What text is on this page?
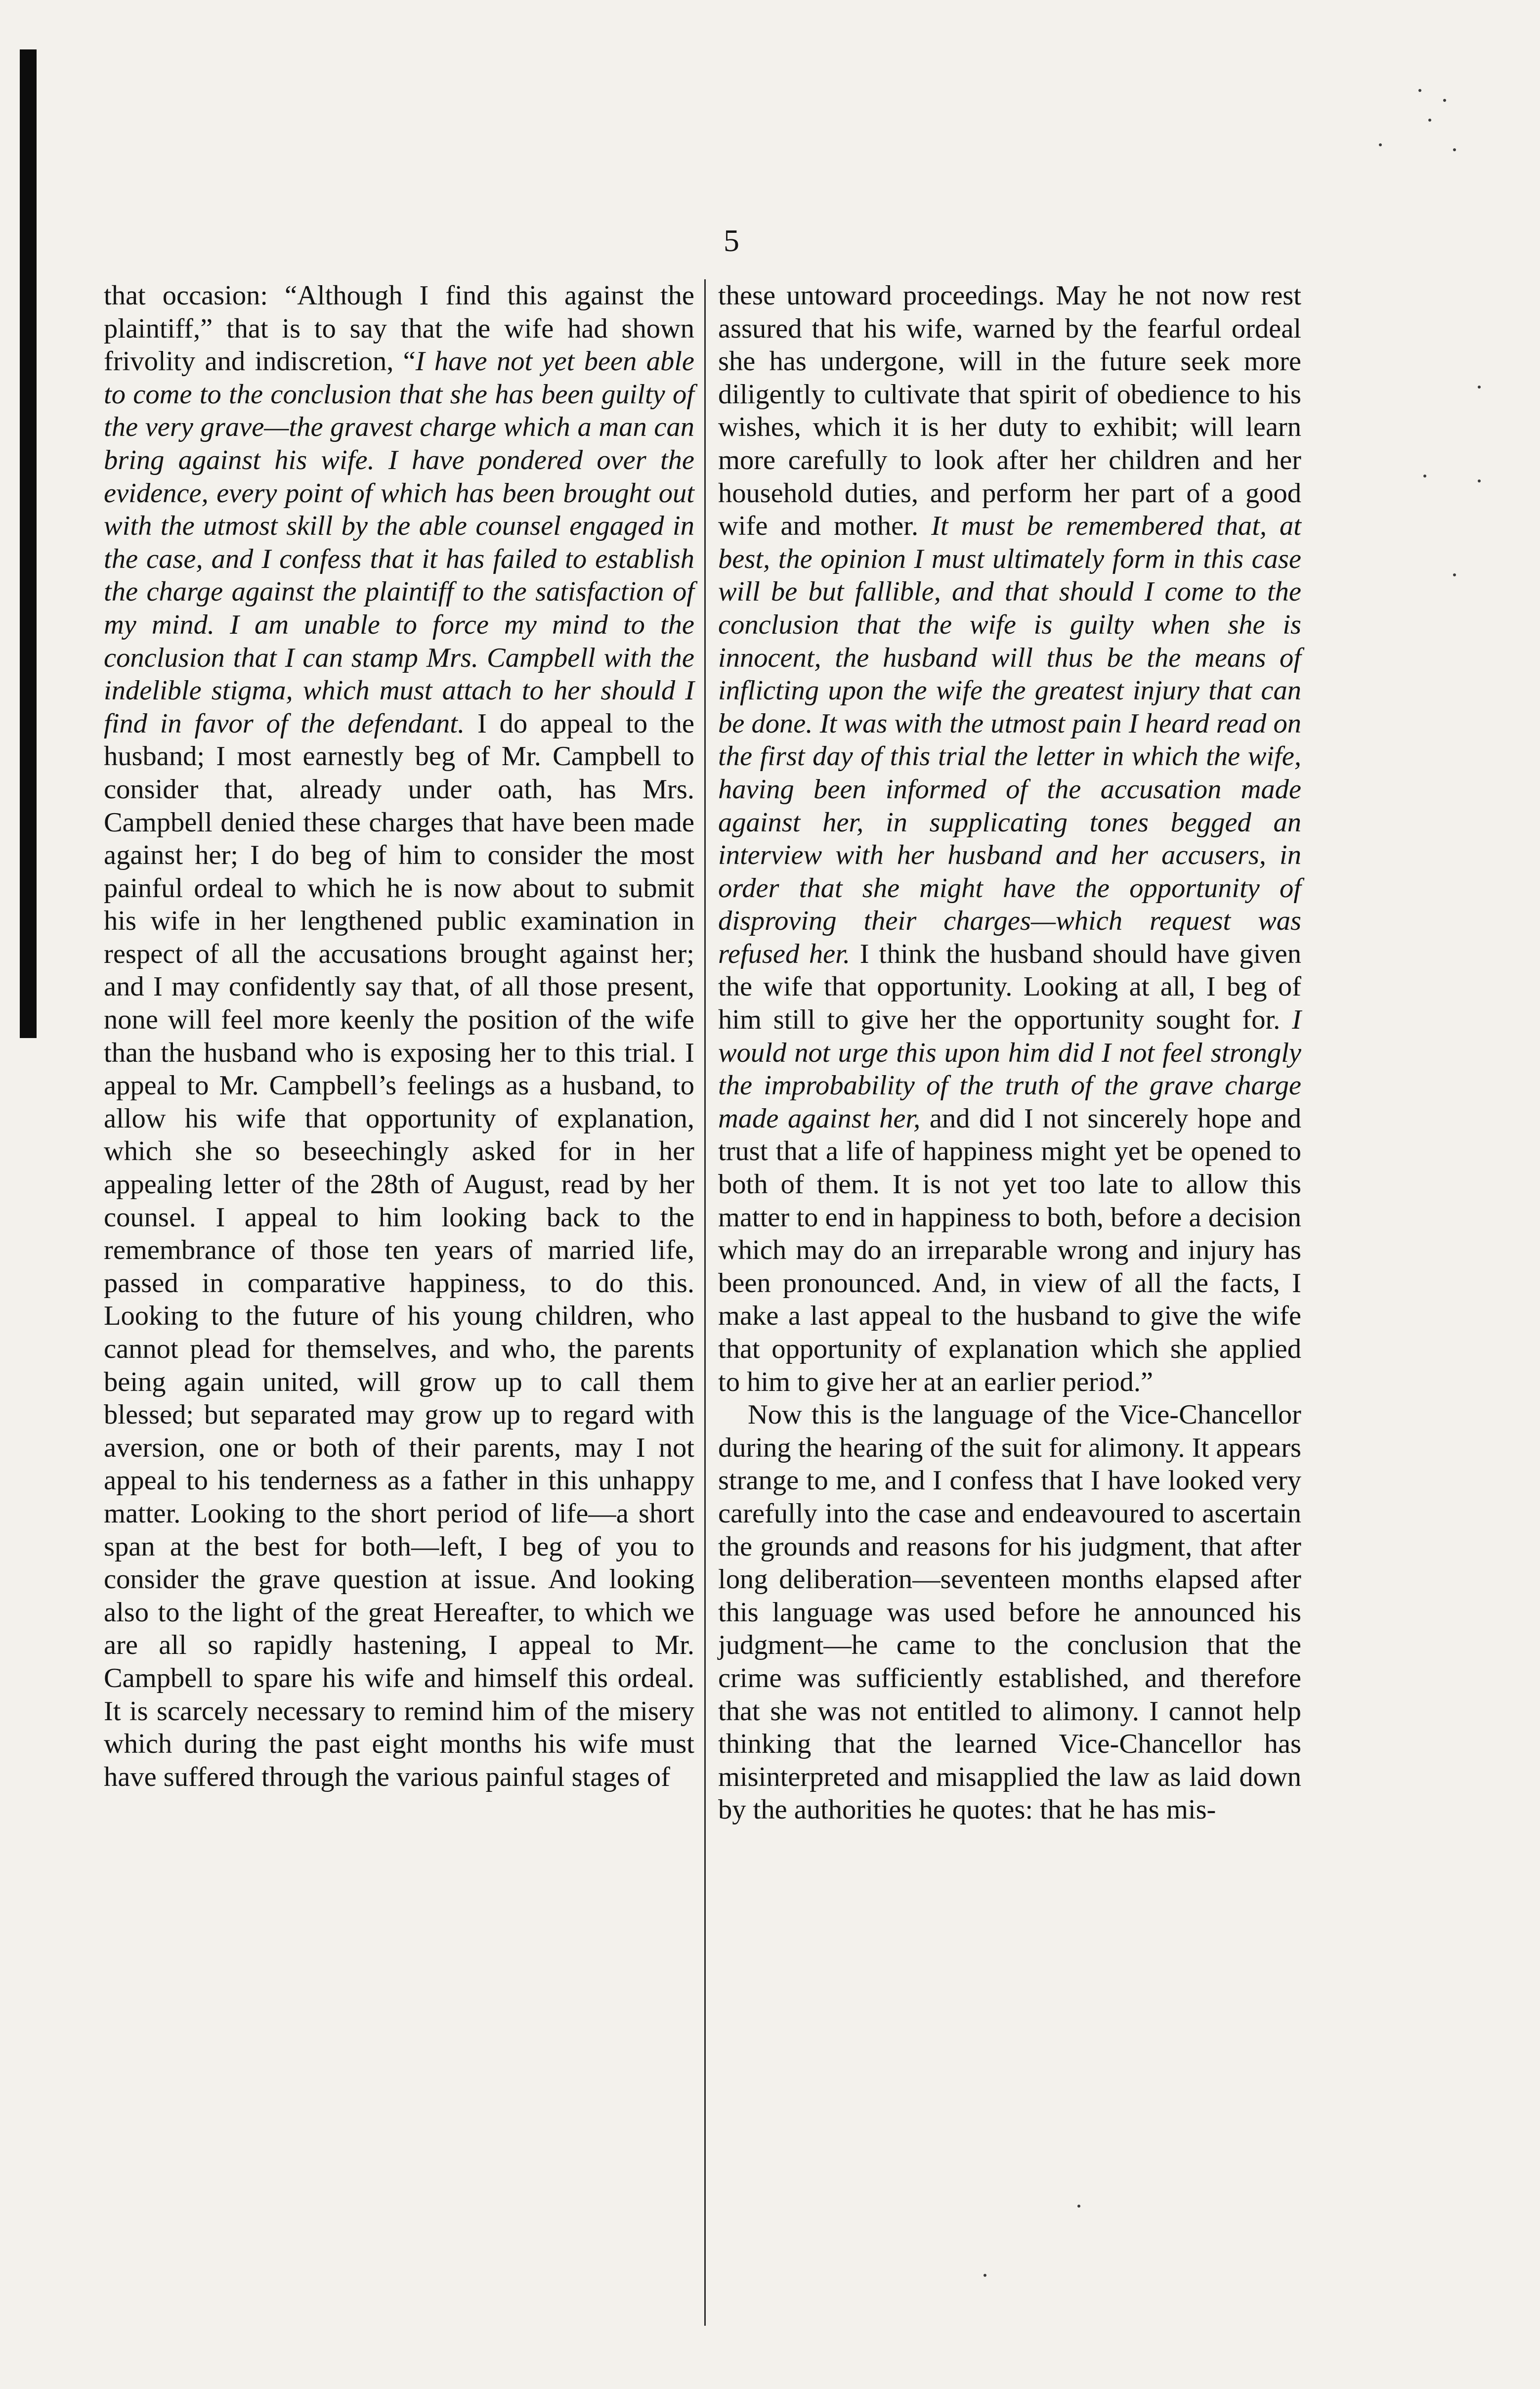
5

that occasion: “Although I find this against the plaintiff,” that is to say that the wife had shown frivolity and indiscretion, “I have not yet been able to come to the conclusion that she has been guilty of the very grave—the gravest charge which a man can bring against his wife. I have pondered over the evidence, every point of which has been brought out with the utmost skill by the able counsel engaged in the case, and I confess that it has failed to establish the charge against the plaintiff to the satisfaction of my mind. I am unable to force my mind to the conclusion that I can stamp Mrs. Campbell with the indelible stigma, which must attach to her should I find in favor of the defendant. I do appeal to the husband; I most earnestly beg of Mr. Campbell to consider that, already under oath, has Mrs. Campbell denied these charges that have been made against her; I do beg of him to consider the most painful ordeal to which he is now about to submit his wife in her lengthened public examination in respect of all the accusations brought against her; and I may confidently say that, of all those present, none will feel more keenly the position of the wife than the husband who is exposing her to this trial. I appeal to Mr. Campbell’s feelings as a husband, to allow his wife that opportunity of explanation, which she so beseechingly asked for in her appealing letter of the 28th of August, read by her counsel. I appeal to him looking back to the remembrance of those ten years of married life, passed in comparative happiness, to do this. Looking to the future of his young children, who cannot plead for themselves, and who, the parents being again united, will grow up to call them blessed; but separated may grow up to regard with aversion, one or both of their parents, may I not appeal to his tenderness as a father in this unhappy matter. Looking to the short period of life—a short span at the best for both—left, I beg of you to consider the grave question at issue. And looking also to the light of the great Hereafter, to which we are all so rapidly hastening, I appeal to Mr. Campbell to spare his wife and himself this ordeal. It is scarcely necessary to remind him of the misery which during the past eight months his wife must have suffered through the various painful stages of

these untoward proceedings. May he not now rest assured that his wife, warned by the fearful ordeal she has undergone, will in the future seek more diligently to cultivate that spirit of obedience to his wishes, which it is her duty to exhibit; will learn more carefully to look after her children and her household duties, and perform her part of a good wife and mother. It must be remembered that, at best, the opinion I must ultimately form in this case will be but fallible, and that should I come to the conclusion that the wife is guilty when she is innocent, the husband will thus be the means of inflicting upon the wife the greatest injury that can be done. It was with the utmost pain I heard read on the first day of this trial the letter in which the wife, having been informed of the accusation made against her, in supplicating tones begged an interview with her husband and her accusers, in order that she might have the opportunity of disproving their charges—which request was refused her. I think the husband should have given the wife that opportunity. Looking at all, I beg of him still to give her the opportunity sought for. I would not urge this upon him did I not feel strongly the improbability of the truth of the grave charge made against her, and did I not sincerely hope and trust that a life of happiness might yet be opened to both of them. It is not yet too late to allow this matter to end in happiness to both, before a decision which may do an irreparable wrong and injury has been pronounced. And, in view of all the facts, I make a last appeal to the husband to give the wife that opportunity of explanation which she applied to him to give her at an earlier period.”

Now this is the language of the Vice-Chancellor during the hearing of the suit for alimony. It appears strange to me, and I confess that I have looked very carefully into the case and endeavoured to ascertain the grounds and reasons for his judgment, that after long deliberation—seventeen months elapsed after this language was used before he announced his judgment—he came to the conclusion that the crime was sufficiently established, and therefore that she was not entitled to alimony. I cannot help thinking that the learned Vice-Chancellor has misinterpreted and misapplied the law as laid down by the authorities he quotes: that he has mis-
